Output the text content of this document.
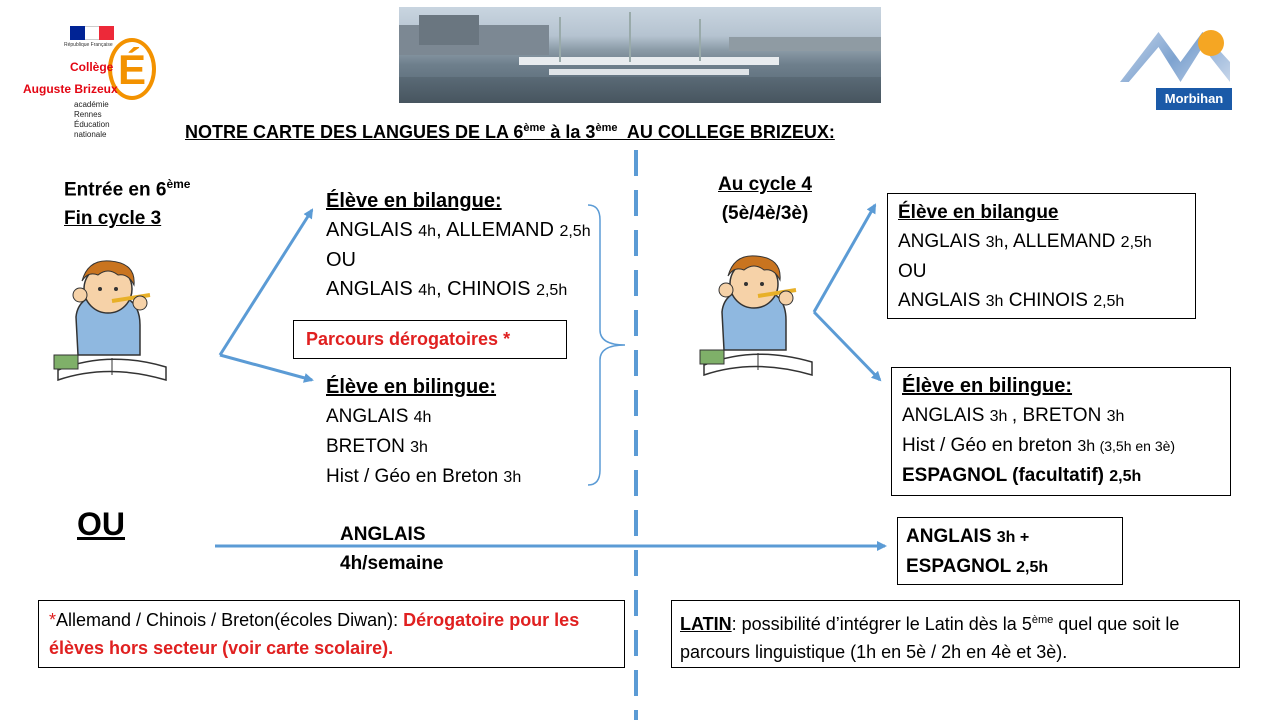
République Française
É
Collège
Auguste Brizeux
académie
Rennes
Éducation
nationale
Morbihan
NOTRE CARTE DES LANGUES DE LA 6ème à la 3ème  AU COLLEGE BRIZEUX:
Entrée en 6ème
Fin cycle 3
Élève en bilangue:
ANGLAIS 4h, ALLEMAND 2,5h
OU
ANGLAIS 4h, CHINOIS 2,5h
Parcours dérogatoires *
Élève en bilingue:
ANGLAIS 4h
BRETON 3h
Hist / Géo en Breton 3h
OU	ANGLAIS
4h/semaine
Au cycle 4
(5è/4è/3è)	Élève en bilangue
ANGLAIS 3h, ALLEMAND 2,5h
OU
ANGLAIS 3h CHINOIS 2,5h
Élève en bilingue:
ANGLAIS 3h , BRETON 3h
Hist / Géo en breton 3h (3,5h en 3è)
ESPAGNOL (facultatif) 2,5h
ANGLAIS 3h +
ESPAGNOL 2,5h
*Allemand / Chinois / Breton(écoles Diwan): Dérogatoire pour les élèves hors secteur (voir carte scolaire).
LATIN: possibilité d’intégrer le Latin dès la 5ème quel que soit le parcours linguistique (1h en 5è / 2h en 4è et 3è).
